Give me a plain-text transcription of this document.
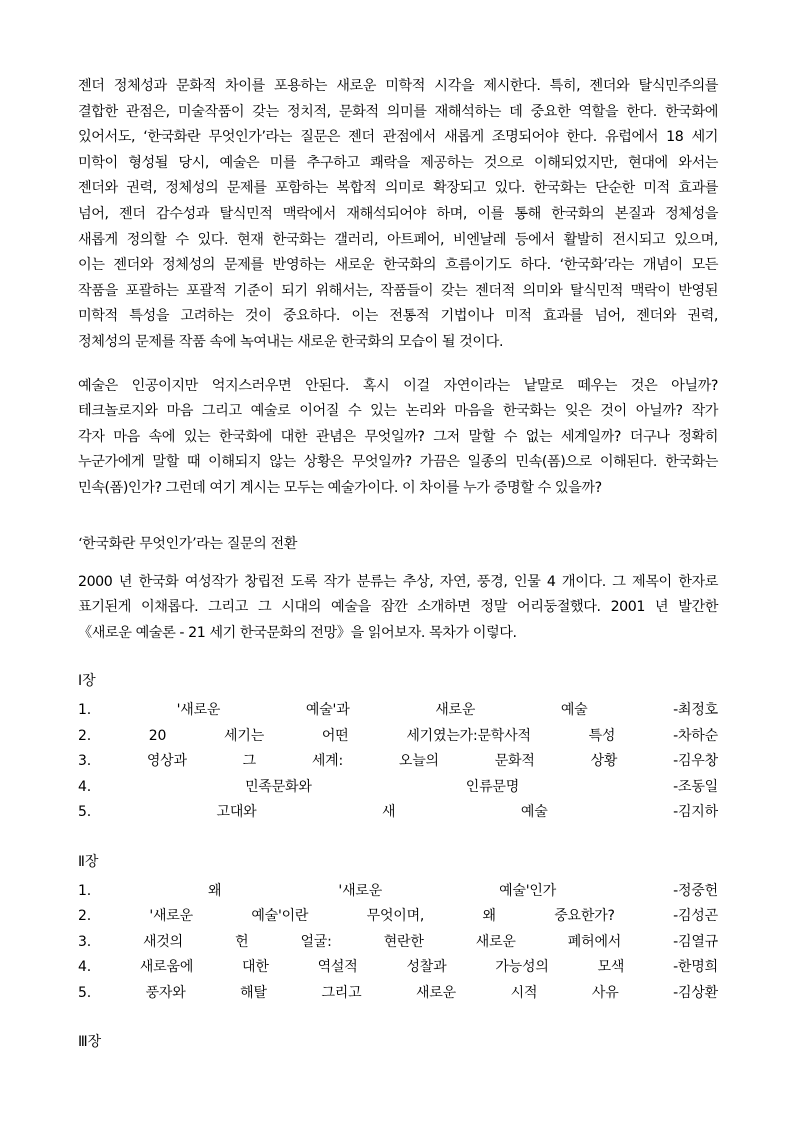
젠더 정체성과 문화적 차이를 포용하는 새로운 미학적 시각을 제시한다. 특히, 젠더와 탈식민주의를
결합한 관점은, 미술작품이 갖는 정치적, 문화적 의미를 재해석하는 데 중요한 역할을 한다. 한국화에
있어서도, ‘한국화란 무엇인가’라는 질문은 젠더 관점에서 새롭게 조명되어야 한다. 유럽에서 18 세기
미학이 형성될 당시, 예술은 미를 추구하고 쾌락을 제공하는 것으로 이해되었지만, 현대에 와서는
젠더와 권력, 정체성의 문제를 포함하는 복합적 의미로 확장되고 있다. 한국화는 단순한 미적 효과를
넘어, 젠더 감수성과 탈식민적 맥락에서 재해석되어야 하며, 이를 통해 한국화의 본질과 정체성을
새롭게 정의할 수 있다. 현재 한국화는 갤러리, 아트페어, 비엔날레 등에서 활발히 전시되고 있으며,
이는 젠더와 정체성의 문제를 반영하는 새로운 한국화의 흐름이기도 하다. ‘한국화’라는 개념이 모든
작품을 포괄하는 포괄적 기준이 되기 위해서는, 작품들이 갖는 젠더적 의미와 탈식민적 맥락이 반영된
미학적 특성을 고려하는 것이 중요하다. 이는 전통적 기법이나 미적 효과를 넘어, 젠더와 권력,
정체성의 문제를 작품 속에 녹여내는 새로운 한국화의 모습이 될 것이다.
예술은 인공이지만 억지스러우면 안된다. 혹시 이걸 자연이라는 낱말로 떼우는 것은 아닐까?
테크놀로지와 마음 그리고 예술로 이어질 수 있는 논리와 마음을 한국화는 잊은 것이 아닐까? 작가
각자 마음 속에 있는 한국화에 대한 관념은 무엇일까? 그저 말할 수 없는 세계일까? 더구나 정확히
누군가에게 말할 때 이해되지 않는 상황은 무엇일까? 가끔은 일종의 민속(폼)으로 이해된다. 한국화는
민속(폼)인가? 그런데 여기 계시는 모두는 예술가이다. 이 차이를 누가 증명할 수 있을까?
‘한국화란 무엇인가’라는 질문의 전환
2000 년 한국화 여성작가 창립전 도록 작가 분류는 추상, 자연, 풍경, 인물 4 개이다. 그 제목이 한자로
표기된게 이채롭다. 그리고 그 시대의 예술을 잠깐 소개하면 정말 어리둥절했다. 2001 년 발간한
《새로운 예술론 - 21 세기 한국문화의 전망》을 읽어보자. 목차가 이렇다.
Ⅰ장
1.	'새로운	예술'과	새로운	예술	-최정호
2.	20	세기는	어떤	세기였는가:문학사적	특성	-차하순
3.	영상과	그	세계:	오늘의	문화적	상황	-김우창
4.	민족문화와	인류문명	-조동일
5.	고대와	새	예술	-김지하
Ⅱ장
1.	왜	'새로운	예술'인가	-정중헌
2.	'새로운	예술'이란	무엇이며,	왜	중요한가?	-김성곤
3.	새것의	헌	얼굴:	현란한	새로운	폐허에서	-김열규
4.	새로움에	대한	역설적	성찰과	가능성의	모색	-한명희
5.	풍자와	해탈	그리고	새로운	시적	사유	-김상환
Ⅲ장
